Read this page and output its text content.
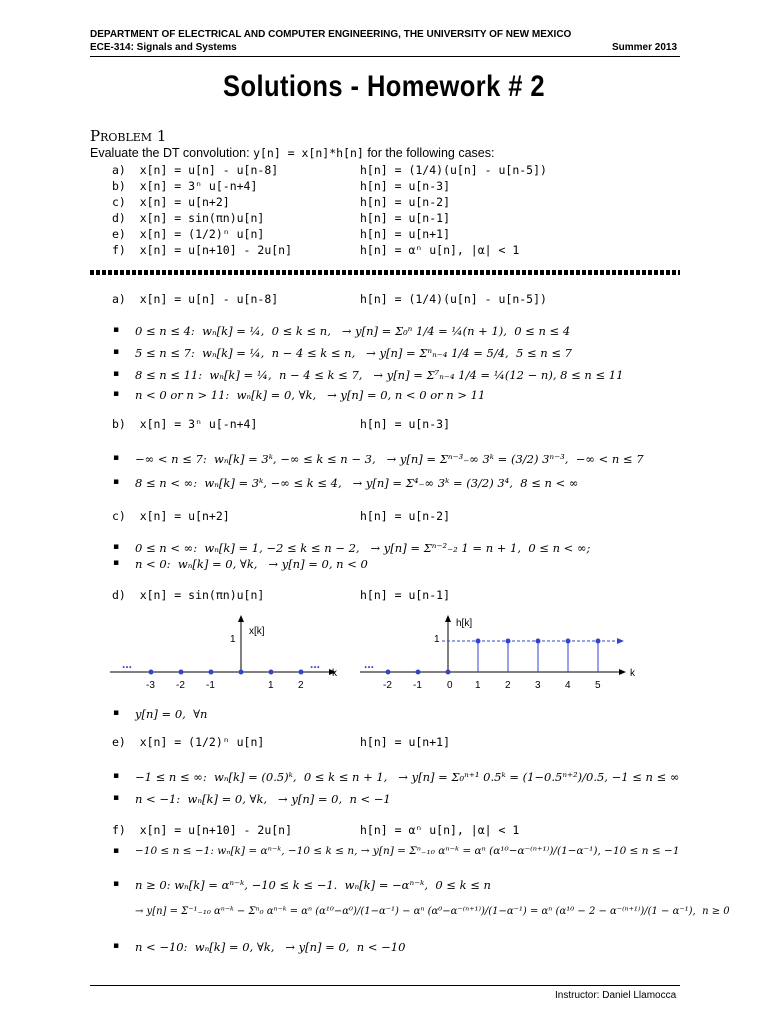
DEPARTMENT OF ELECTRICAL AND COMPUTER ENGINEERING, THE UNIVERSITY OF NEW MEXICO
ECE-314: Signals and Systems	Summer 2013
Solutions - Homework # 2
Problem 1
Evaluate the DT convolution: y[n] = x[n]*h[n] for the following cases:
a)  x[n] = u[n] - u[n-8]	h[n] = (1/4)(u[n] - u[n-5])
b)  x[n] = 3ⁿ u[-n+4]	h[n] = u[n-3]
c)  x[n] = u[n+2]	h[n] = u[n-2]
d)  x[n] = sin(πn)u[n]	h[n] = u[n-1]
e)  x[n] = (1/2)ⁿ u[n]	h[n] = u[n+1]
f)  x[n] = u[n+10] - 2u[n]	h[n] = αⁿ u[n], |α| < 1
a)  x[n] = u[n] - u[n-8]	h[n] = (1/4)(u[n] - u[n-5])
▪ 0 ≤ n ≤ 4:  wₙ[k] = ¼,  0 ≤ k ≤ n,   → y[n] = Σ₀ⁿ 1/4 = ¼(n + 1),  0 ≤ n ≤ 4
▪ 5 ≤ n ≤ 7:  wₙ[k] = ¼,  n − 4 ≤ k ≤ n,   → y[n] = Σⁿₙ₋₄ 1/4 = 5/4,  5 ≤ n ≤ 7
▪ 8 ≤ n ≤ 11:  wₙ[k] = ¼,  n − 4 ≤ k ≤ 7,   → y[n] = Σ⁷ₙ₋₄ 1/4 = ¼(12 − n), 8 ≤ n ≤ 11
▪ n < 0 or n > 11:  wₙ[k] = 0, ∀k,   → y[n] = 0, n < 0 or n > 11
b)  x[n] = 3ⁿ u[-n+4]	h[n] = u[n-3]
▪ −∞ < n ≤ 7:  wₙ[k] = 3ᵏ, −∞ ≤ k ≤ n − 3,   → y[n] = Σⁿ⁻³₋∞ 3ᵏ = (3/2) 3ⁿ⁻³,  −∞ < n ≤ 7
▪ 8 ≤ n < ∞:  wₙ[k] = 3ᵏ, −∞ ≤ k ≤ 4,   → y[n] = Σ⁴₋∞ 3ᵏ = (3/2) 3⁴,  8 ≤ n < ∞
c)  x[n] = u[n+2]	h[n] = u[n-2]
▪ 0 ≤ n < ∞:  wₙ[k] = 1, −2 ≤ k ≤ n − 2,   → y[n] = Σⁿ⁻²₋₂ 1 = n + 1,  0 ≤ n < ∞;
▪ n < 0:  wₙ[k] = 0, ∀k,   → y[n] = 0, n < 0
d)  x[n] = sin(πn)u[n]	h[n] = u[n-1]
1
x[k]
...	...
-3 -2 -1	1 2
k
1
h[k]
...
-2 -1	0 1 2 3 4 5
k
▪ y[n] = 0,  ∀n
e)  x[n] = (1/2)ⁿ u[n]	h[n] = u[n+1]
▪ −1 ≤ n ≤ ∞:  wₙ[k] = (0.5)ᵏ,  0 ≤ k ≤ n + 1,   → y[n] = Σ₀ⁿ⁺¹ 0.5ᵏ = (1−0.5ⁿ⁺²)/0.5, −1 ≤ n ≤ ∞
▪ n < −1:  wₙ[k] = 0, ∀k,   → y[n] = 0,  n < −1
f)  x[n] = u[n+10] - 2u[n]	h[n] = αⁿ u[n], |α| < 1
▪ −10 ≤ n ≤ −1: wₙ[k] = αⁿ⁻ᵏ, −10 ≤ k ≤ n, → y[n] = Σⁿ₋₁₀ αⁿ⁻ᵏ = αⁿ (α¹⁰−α⁻⁽ⁿ⁺¹⁾)/(1−α⁻¹), −10 ≤ n ≤ −1
▪ n ≥ 0: wₙ[k] = αⁿ⁻ᵏ, −10 ≤ k ≤ −1.  wₙ[k] = −αⁿ⁻ᵏ,  0 ≤ k ≤ n
→ y[n] = Σ⁻¹₋₁₀ αⁿ⁻ᵏ − Σⁿ₀ αⁿ⁻ᵏ = αⁿ (α¹⁰−α⁰)/(1−α⁻¹) − αⁿ (α⁰−α⁻⁽ⁿ⁺¹⁾)/(1−α⁻¹) = αⁿ (α¹⁰ − 2 − α⁻⁽ⁿ⁺¹⁾)/(1 − α⁻¹),  n ≥ 0
▪ n < −10:  wₙ[k] = 0, ∀k,   → y[n] = 0,  n < −10
Instructor: Daniel Llamocca
